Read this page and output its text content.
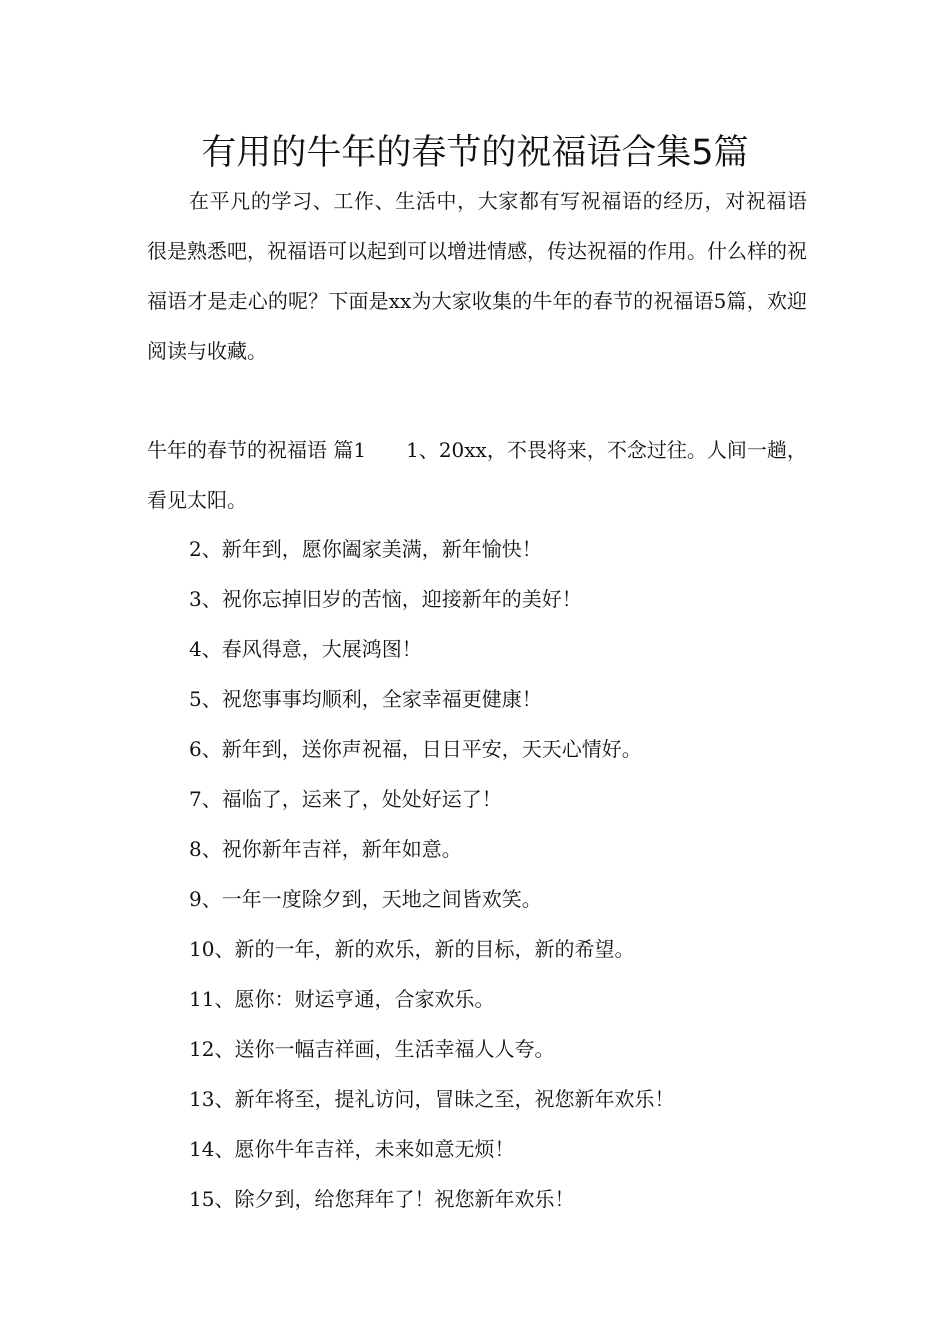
有用的牛年的春节的祝福语合集5篇

在平凡的学习、工作、生活中，大家都有写祝福语的经历，对祝福语很是熟悉吧，祝福语可以起到可以增进情感，传达祝福的作用。什么样的祝福语才是走心的呢？下面是xx为大家收集的牛年的春节的祝福语5篇，欢迎阅读与收藏。

牛年的春节的祝福语 篇1 1、20xx，不畏将来，不念过往。人间一趟，看见太阳。

2、新年到，愿你阖家美满，新年愉快！
3、祝你忘掉旧岁的苦恼，迎接新年的美好！
4、春风得意，大展鸿图！
5、祝您事事均顺利，全家幸福更健康！
6、新年到，送你声祝福，日日平安，天天心情好。
7、福临了，运来了，处处好运了！
8、祝你新年吉祥，新年如意。
9、一年一度除夕到，天地之间皆欢笑。
10、新的一年，新的欢乐，新的目标，新的希望。
11、愿你：财运亨通，合家欢乐。
12、送你一幅吉祥画，生活幸福人人夸。
13、新年将至，提礼访问，冒昧之至，祝您新年欢乐！
14、愿你牛年吉祥，未来如意无烦！
15、除夕到，给您拜年了！祝您新年欢乐！
